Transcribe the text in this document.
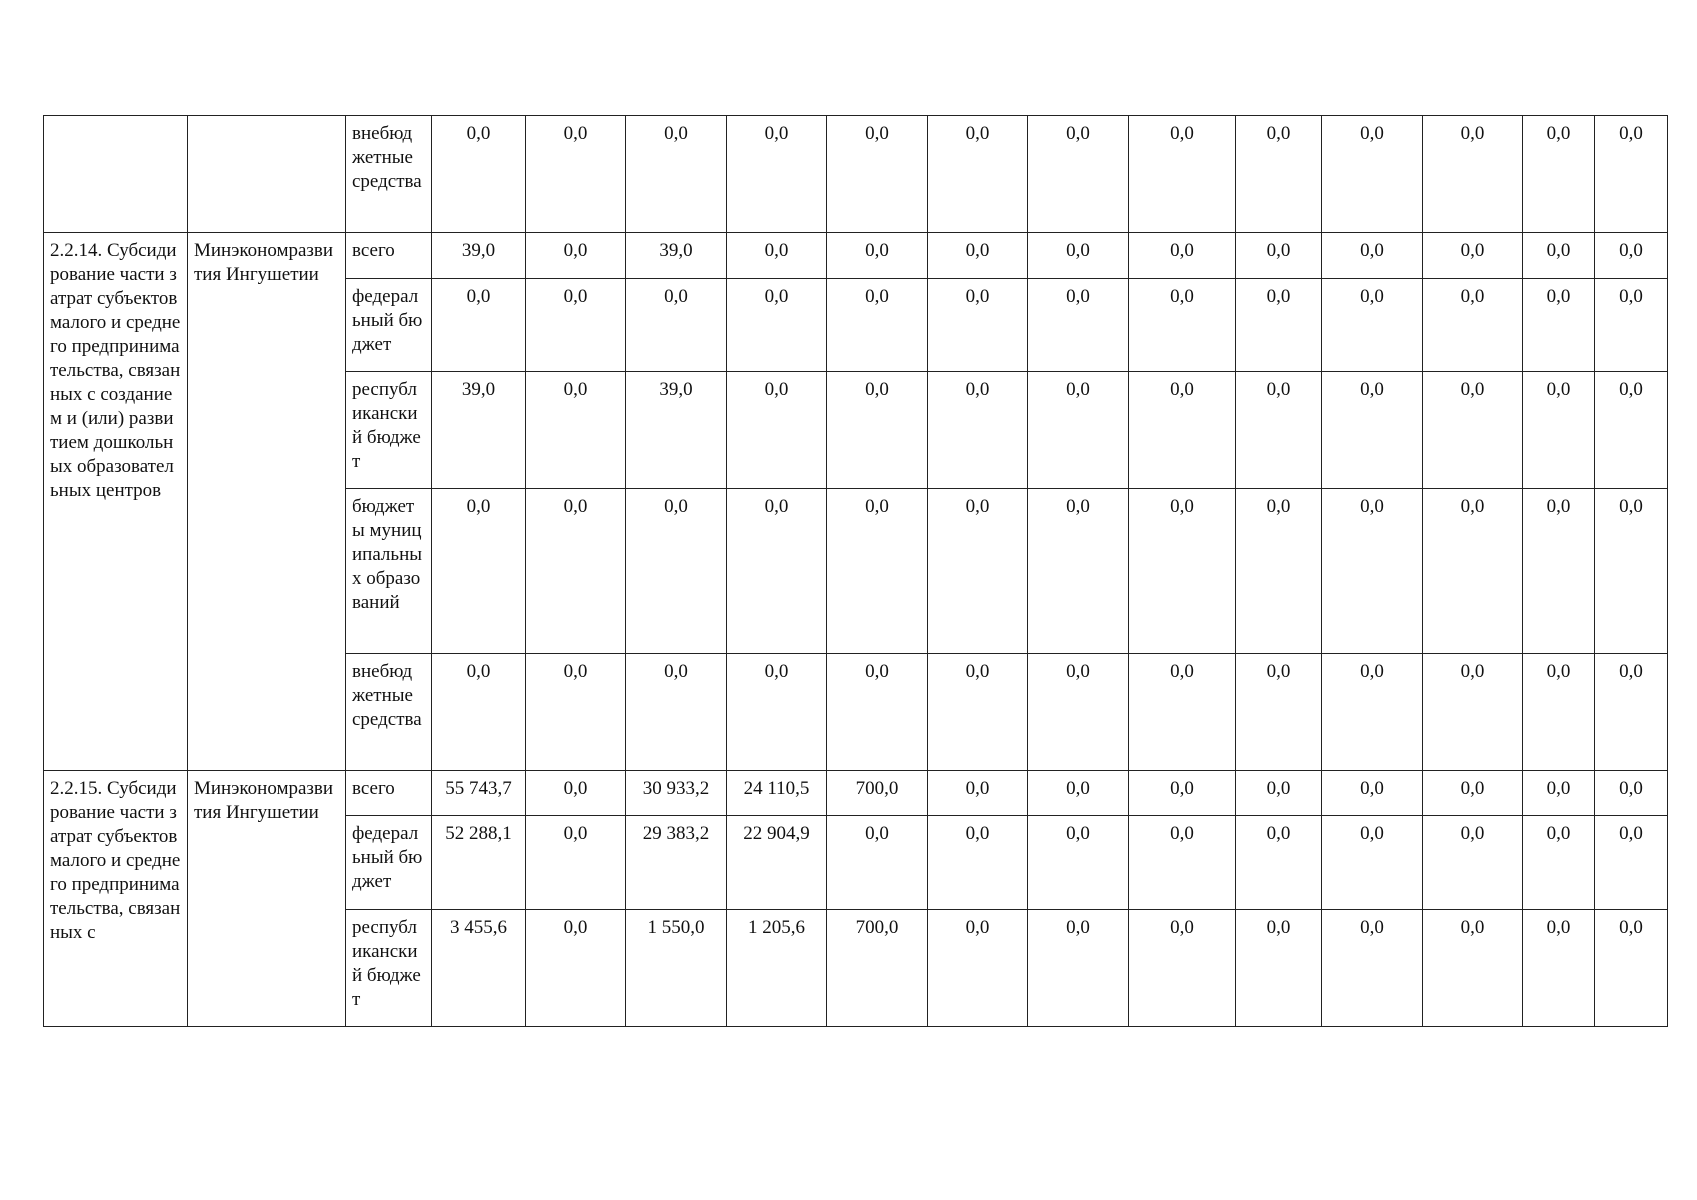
		внебюджетные средства	0,0	0,0	0,0	0,0	0,0	0,0	0,0	0,0	0,0	0,0	0,0	0,0	0,0
2.2.14. Субсидирование части затрат субъектов малого и среднего предпринимательства, связанных с созданием и (или) развитием дошкольных образовательных центров	Минэкономразвития Ингушетии	всего	39,0	0,0	39,0	0,0	0,0	0,0	0,0	0,0	0,0	0,0	0,0	0,0	0,0
		федеральный бюджет	0,0	0,0	0,0	0,0	0,0	0,0	0,0	0,0	0,0	0,0	0,0	0,0	0,0
		республиканский бюджет	39,0	0,0	39,0	0,0	0,0	0,0	0,0	0,0	0,0	0,0	0,0	0,0	0,0
		бюджеты муниципальных образований	0,0	0,0	0,0	0,0	0,0	0,0	0,0	0,0	0,0	0,0	0,0	0,0	0,0
		внебюджетные средства	0,0	0,0	0,0	0,0	0,0	0,0	0,0	0,0	0,0	0,0	0,0	0,0	0,0
2.2.15. Субсидирование части затрат субъектов малого и среднего предпринимательства, связанных с	Минэкономразвития Ингушетии	всего	55 743,7	0,0	30 933,2	24 110,5	700,0	0,0	0,0	0,0	0,0	0,0	0,0	0,0	0,0
		федеральный бюджет	52 288,1	0,0	29 383,2	22 904,9	0,0	0,0	0,0	0,0	0,0	0,0	0,0	0,0	0,0
		республиканский бюджет	3 455,6	0,0	1 550,0	1 205,6	700,0	0,0	0,0	0,0	0,0	0,0	0,0	0,0	0,0
